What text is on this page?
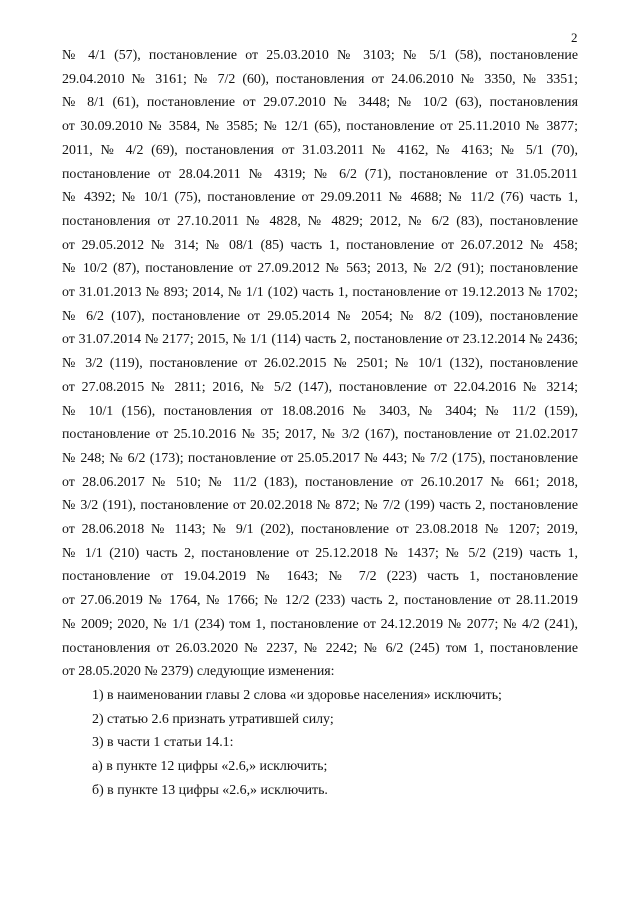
2

№ 4/1 (57), постановление от 25.03.2010 № 3103; № 5/1 (58), постановление
29.04.2010 № 3161; № 7/2 (60), постановления от 24.06.2010 № 3350, № 3351;
№ 8/1 (61), постановление от 29.07.2010 № 3448; № 10/2 (63), постановления
от 30.09.2010 № 3584, № 3585; № 12/1 (65), постановление от 25.11.2010 № 3877;
2011, № 4/2 (69), постановления от 31.03.2011 № 4162, № 4163; № 5/1 (70),
постановление от 28.04.2011 № 4319; № 6/2 (71), постановление от 31.05.2011
№ 4392; № 10/1 (75), постановление от 29.09.2011 № 4688; № 11/2 (76) часть 1,
постановления от 27.10.2011 № 4828, № 4829; 2012, № 6/2 (83), постановление
от 29.05.2012 № 314; № 08/1 (85) часть 1, постановление от 26.07.2012 № 458;
№ 10/2 (87), постановление от 27.09.2012 № 563; 2013, № 2/2 (91); постановление
от 31.01.2013 № 893; 2014, № 1/1 (102) часть 1, постановление от 19.12.2013 № 1702;
№ 6/2 (107), постановление от 29.05.2014 № 2054; № 8/2 (109), постановление
от 31.07.2014 № 2177; 2015, № 1/1 (114) часть 2, постановление от 23.12.2014 № 2436;
№ 3/2 (119), постановление от 26.02.2015 № 2501; № 10/1 (132), постановление
от 27.08.2015 № 2811; 2016, № 5/2 (147), постановление от 22.04.2016 № 3214;
№ 10/1 (156), постановления от 18.08.2016 № 3403, № 3404; № 11/2 (159),
постановление от 25.10.2016 № 35; 2017, № 3/2 (167), постановление от 21.02.2017
№ 248; № 6/2 (173); постановление от 25.05.2017 № 443; № 7/2 (175), постановление
от 28.06.2017 № 510; № 11/2 (183), постановление от 26.10.2017 № 661; 2018,
№ 3/2 (191), постановление от 20.02.2018 № 872; № 7/2 (199) часть 2, постановление
от 28.06.2018 № 1143; № 9/1 (202), постановление от 23.08.2018 № 1207; 2019,
№ 1/1 (210) часть 2, постановление от 25.12.2018 № 1437; № 5/2 (219) часть 1,
постановление от 19.04.2019 № 1643; № 7/2 (223) часть 1, постановление
от 27.06.2019 № 1764, № 1766; № 12/2 (233) часть 2, постановление от 28.11.2019
№ 2009; 2020, № 1/1 (234) том 1, постановление от 24.12.2019 № 2077; № 4/2 (241),
постановления от 26.03.2020 № 2237, № 2242; № 6/2 (245) том 1, постановление
от 28.05.2020 № 2379) следующие изменения:

1) в наименовании главы 2 слова «и здоровье населения» исключить;

2) статью 2.6 признать утратившей силу;

3) в части 1 статьи 14.1:

а) в пункте 12 цифры «2.6,» исключить;

б) в пункте 13 цифры «2.6,» исключить.
